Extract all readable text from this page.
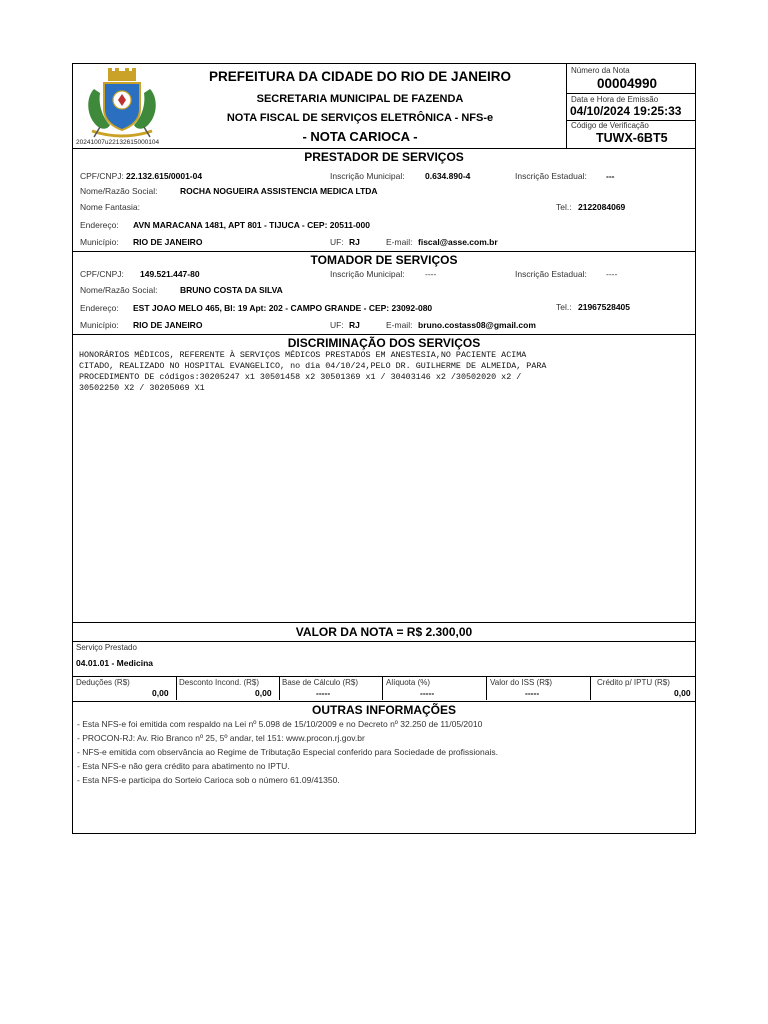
20241007u22132615000104
PREFEITURA DA CIDADE DO RIO DE JANEIRO
SECRETARIA MUNICIPAL DE FAZENDA
NOTA FISCAL DE SERVIÇOS ELETRÔNICA - NFS-e
- NOTA CARIOCA -
Número da Nota
00004990
Data e Hora de Emissão
04/10/2024 19:25:33
Código de Verificação
TUWX-6BT5
PRESTADOR DE SERVIÇOS
CPF/CNPJ: 22.132.615/0001-04	Inscrição Municipal: 0.634.890-4	Inscrição Estadual: ---
Nome/Razão Social:	ROCHA NOGUEIRA ASSISTENCIA MEDICA LTDA
Nome Fantasia:	Tel.: 2122084069
Endereço: AVN MARACANA 1481, APT 801 - TIJUCA - CEP: 20511-000
Município: RIO DE JANEIRO	UF: RJ	E-mail: fiscal@asse.com.br
TOMADOR DE SERVIÇOS
CPF/CNPJ: 149.521.447-80	Inscrição Municipal: ----	Inscrição Estadual: ----
Nome/Razão Social:	BRUNO COSTA DA SILVA
Endereço: EST JOAO MELO 465, Bl: 19 Apt: 202 - CAMPO GRANDE - CEP: 23092-080	Tel.: 21967528405
Município: RIO DE JANEIRO	UF: RJ	E-mail: bruno.costass08@gmail.com
DISCRIMINAÇÃO DOS SERVIÇOS
HONORÁRIOS MÉDICOS, REFERENTE À SERVIÇOS MÉDICOS PRESTADOS EM ANESTESIA,NO PACIENTE ACIMA
CITADO, REALIZADO NO HOSPITAL EVANGELICO, no dia 04/10/24,PELO DR. GUILHERME DE ALMEIDA, PARA
PROCEDIMENTO DE códigos:30205247 x1 30501458 x2 30501369 x1 / 30403146 x2 /30502020 x2 /
30502250 X2 / 30205069 X1
VALOR DA NOTA = R$ 2.300,00
Serviço Prestado
04.01.01 - Medicina
Deduções (R$)
0,00
Desconto Incond. (R$)
0,00
Base de Cálculo (R$)
-----
Alíquota (%)
-----
Valor do ISS (R$)
-----
Crédito p/ IPTU (R$)
0,00
OUTRAS INFORMAÇÕES
- Esta NFS-e foi emitida com respaldo na Lei nº 5.098 de 15/10/2009 e no Decreto nº 32.250 de 11/05/2010
- PROCON-RJ: Av. Rio Branco nº 25, 5º andar, tel 151: www.procon.rj.gov.br
- NFS-e emitida com observância ao Regime de Tributação Especial conferido para Sociedade de profissionais.
- Esta NFS-e não gera crédito para abatimento no IPTU.
- Esta NFS-e participa do Sorteio Carioca sob o número 61.09/41350.
